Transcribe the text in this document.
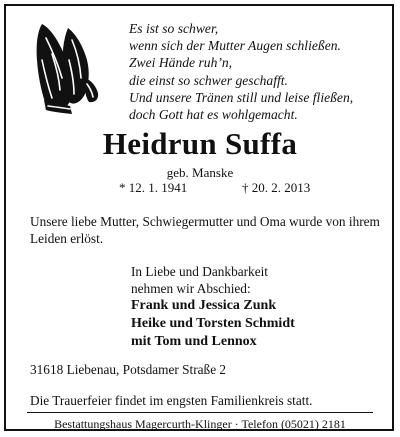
Es ist so schwer,
wenn sich der Mutter Augen schließen.
Zwei Hände ruh’n,
die einst so schwer geschafft.
Und unsere Tränen still und leise fließen,
doch Gott hat es wohlgemacht.
Heidrun Suffa
geb. Manske
* 12. 1. 1941	† 20. 2. 2013
Unsere liebe Mutter, Schwiegermutter und Oma wurde von ihrem Leiden erlöst.
In Liebe und Dankbarkeit
nehmen wir Abschied:
Frank und Jessica Zunk
Heike und Torsten Schmidt
mit Tom und Lennox
31618 Liebenau, Potsdamer Straße 2
Die Trauerfeier findet im engsten Familienkreis statt.
Bestattungshaus Magercurth-Klinger · Telefon (05021) 2181
